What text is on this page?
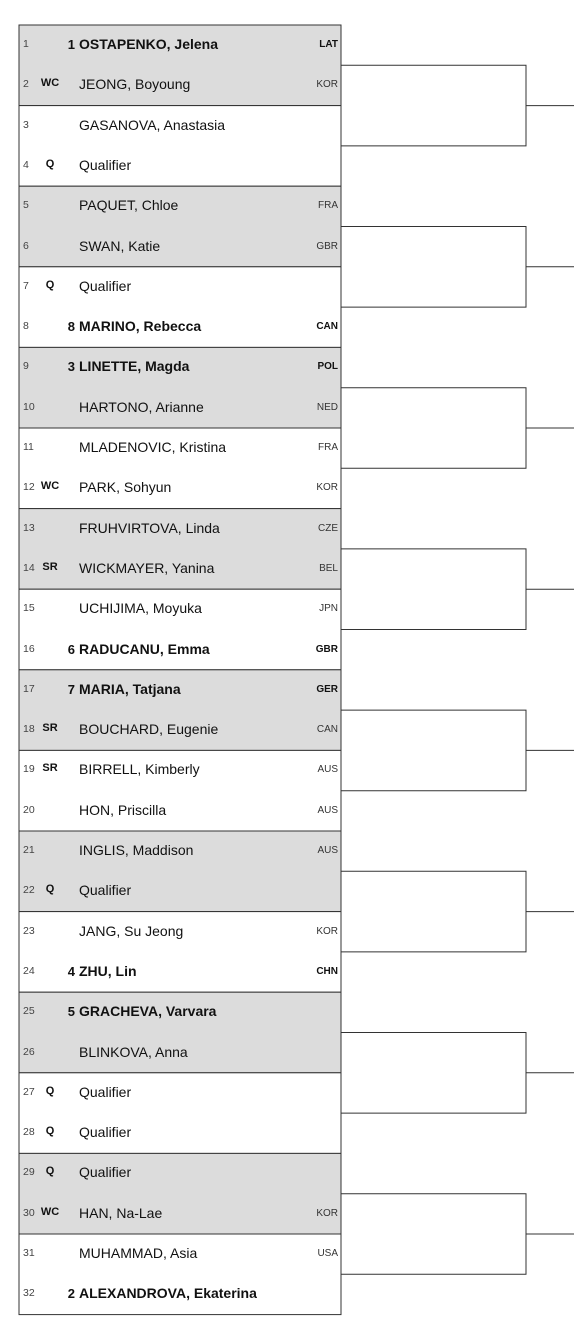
1	1 OSTAPENKO, Jelena	LAT
2 WC JEONG, Boyoung	KOR
3	GASANOVA, Anastasia
4	Q	Qualifier
5	PAQUET, Chloe	FRA
6	SWAN, Katie	GBR
7	Q	Qualifier
8	8 MARINO, Rebecca	CAN
9	3 LINETTE, Magda	POL
10	HARTONO, Arianne	NED
11	MLADENOVIC, Kristina	FRA
12 WC PARK, Sohyun	KOR
13	FRUHVIRTOVA, Linda	CZE
14 SR WICKMAYER, Yanina	BEL
15	UCHIJIMA, Moyuka	JPN
16	6 RADUCANU, Emma	GBR
17	7 MARIA, Tatjana	GER
18 SR BOUCHARD, Eugenie	CAN
19 SR BIRRELL, Kimberly	AUS
20	HON, Priscilla	AUS
21	INGLIS, Maddison	AUS
22	Q	Qualifier
23	JANG, Su Jeong	KOR
24	4 ZHU, Lin	CHN
25	5 GRACHEVA, Varvara
26	BLINKOVA, Anna
27	Q	Qualifier
28	Q	Qualifier
29	Q	Qualifier
30 WC HAN, Na-Lae	KOR
31	MUHAMMAD, Asia	USA
32	2 ALEXANDROVA, Ekaterina
